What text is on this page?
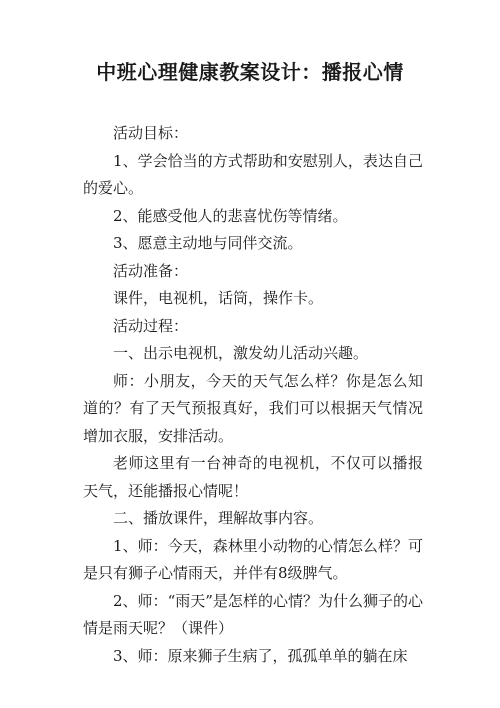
中班心理健康教案设计：播报心情

活动目标：

1、学会恰当的方式帮助和安慰别人，表达自己的爱心。

2、能感受他人的悲喜忧伤等情绪。

3、愿意主动地与同伴交流。

活动准备：

课件，电视机，话筒，操作卡。

活动过程：

一、出示电视机，激发幼儿活动兴趣。

师：小朋友，今天的天气怎么样？你是怎么知道的？有了天气预报真好，我们可以根据天气情况增加衣服，安排活动。

老师这里有一台神奇的电视机，不仅可以播报天气，还能播报心情呢！

二、播放课件，理解故事内容。

1、师：今天，森林里小动物的心情怎么样？可是只有狮子心情雨天，并伴有8级脾气。

2、师：“雨天”是怎样的心情？为什么狮子的心情是雨天呢？（课件）

3、师：原来狮子生病了，孤孤单单的躺在床
